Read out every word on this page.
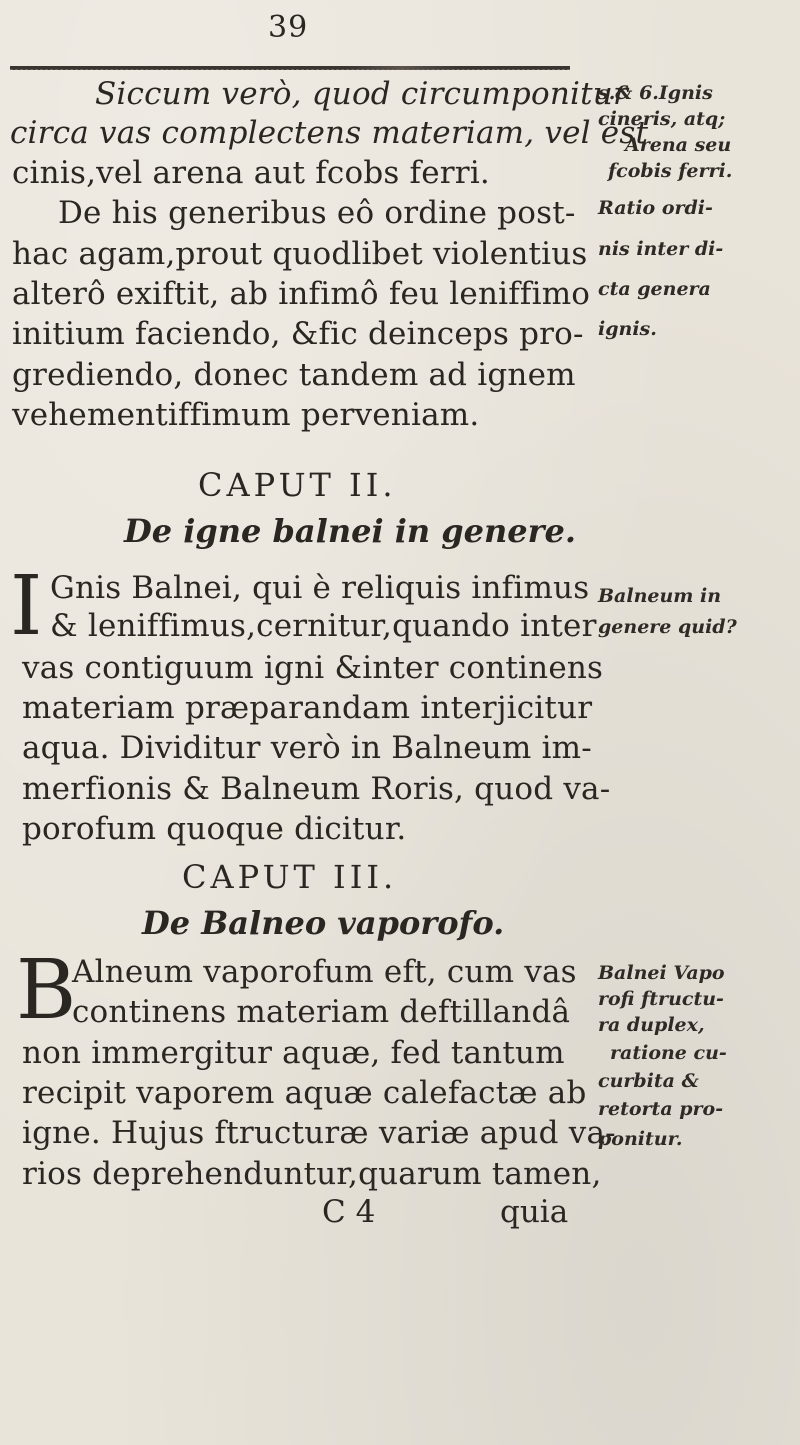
39
Siccum verò, quod circumponitur
circa vas complectens materiam, vel est
cinis,vel arena aut fcobs ferri.
De his generibus eô ordine post-
hac agam,prout quodlibet violentius
alterô exiftit, ab infimô feu leniffimo
initium faciendo, &fic deinceps pro-
grediendo, donec tandem ad ignem
vehementiffimum perveniam.
s.& 6.Ignis
cineris, atq;
Arena seu
fcobis ferri.
Ratio ordi-
nis inter di-
cta genera
ignis.
CAPUT II.
De igne balnei in genere.
I Gnis Balnei, qui è reliquis infimus
& leniffimus,cernitur,quando inter
vas contiguum igni &inter continens
materiam præparandam interjicitur
aqua. Dividitur verò in Balneum im-
merfionis & Balneum Roris, quod va-
porofum quoque dicitur.
Balneum in
genere quid?
CAPUT III.
De Balneo vaporofo.
B
Alneum vaporofum eft, cum vas
continens materiam deftillandâ
non immergitur aquæ, fed tantum
recipit vaporem aquæ calefactæ ab
igne. Hujus ftructuræ variæ apud va-
rios deprehenduntur,quarum tamen,
Balnei Vapo
rofi ftructu-
ra duplex,
ratione cu-
curbita &
retorta pro-
ponitur.
C 4	quia
